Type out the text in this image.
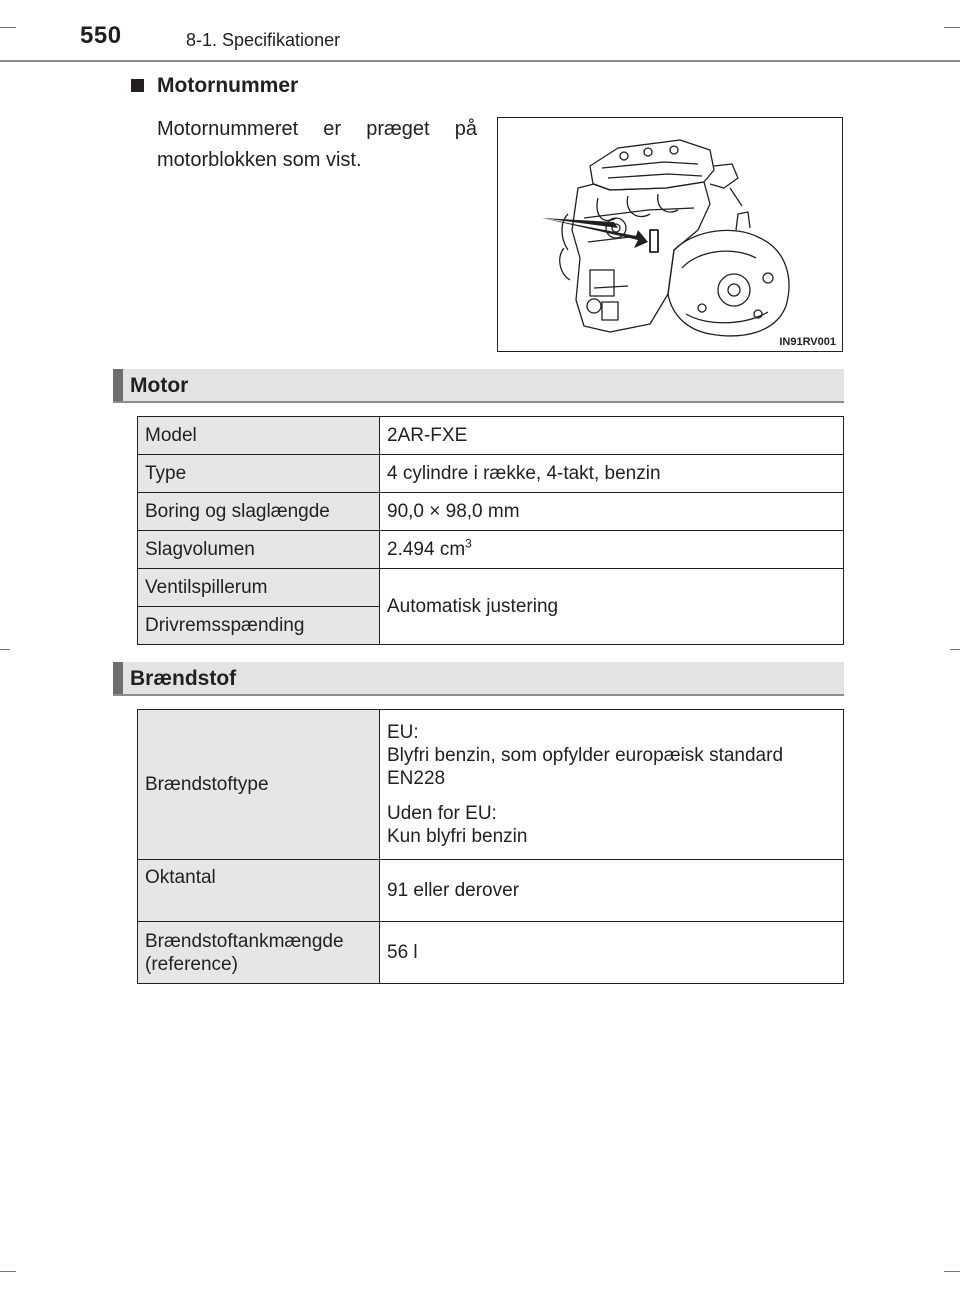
550	8-1. Specifikationer
Motornummer
Motornummeret er præget på motorblokken som vist.
IN91RV001
Motor
Model	2AR-FXE
Type	4 cylindre i række, 4-takt, benzin
Boring og slaglængde	90,0 × 98,0 mm
Slagvolumen	2.494 $cm^3$
Ventilspillerum	Automatisk justering
Drivremsspænding	
Brændstof
Brændstoftype	EU:

Blyfri benzin, som opfylder europæisk standard EN228

Uden for EU:

Kun blyfri benzin

Oktantal	91 eller derover
Brændstoftankmængde (reference)	56 l
